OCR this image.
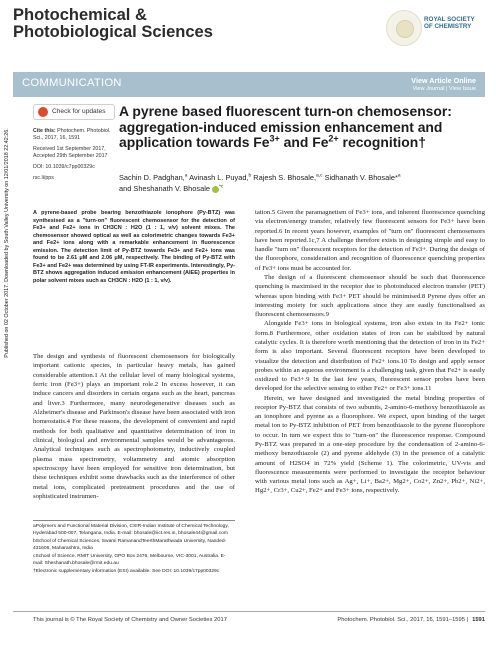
Published on 02 October 2017. Downloaded by South Valley University on 12/01/2018 22:42:26.
Photochemical &
Photobiological Sciences
ROYAL SOCIETY
OF CHEMISTRY
COMMUNICATION	View Article Online
View Journal | View Issue
Check for updates

Cite this: Photochem. Photobiol. Sci., 2017, 16, 1591

Received 1st September 2017,
Accepted 29th September 2017

DOI: 10.1039/c7pp00329c

rsc.li/pps

A pyrene based fluorescent turn-on chemosensor: aggregation-induced emission enhancement and application towards $Fe^{3+}$ and $Fe^{2+}$ recognition†
Sachin D. Padghan,$^a$ Avinash L. Puyad,$^b$ Rajesh S. Bhosale,$^{a,c}$ Sidhanath V. Bhosale*$^a$
and Sheshanath V. Bhosale $^{*c}$
A pyrene-based probe bearing benzothiazole ionophore (Py-BTZ) was synthesised as a "turn-on" fluorescent chemosensor for the detection of Fe3+ and Fe2+ ions in CH3CN : H2O (1 : 1, v/v) solvent mixes. The chemosensor showed optical as well as colorimetric changes towards Fe3+ and Fe2+ ions along with a remarkable enhancement in fluorescence emission. The detection limit of Py-BTZ towards Fe3+ and Fe2+ ions was found to be 2.61 μM and 2.06 μM, respectively. The binding of Py-BTZ with Fe3+ and Fe2+ was determined by using FT-IR experiments. Interestingly, Py-BTZ shows aggregation induced emission enhancement (AIEE) properties in polar solvent mixes such as CH3CN : H2O (1 : 1, v/v).

The design and synthesis of fluorescent chemosensors for biologically important cationic species, in particular heavy metals, has gained considerable attention.1 At the cellular level of many biological systems, ferric iron (Fe3+) plays an important role.2 In excess however, it can induce cancers and disorders in certain organs such as the heart, pancreas and liver.3 Furthermore, many neurodegenerative diseases such as Alzheimer's disease and Parkinson's disease have been associated with iron homeostatis.4 For these reasons, the development of convenient and rapid methods for both qualitative and quantitative determination of iron in clinical, biological and environmental samples would be advantageous. Analytical techniques such as spectrophotometry, inductively coupled plasma mass spectrometry, voltammetry and atomic absorption spectroscopy have been employed for sensitive iron determination, but these techniques exhibit some drawbacks such as the interference of other metal ions, complicated pretreatment procedures and the use of sophisticated instrumen-

tation.5 Given the paramagnetism of Fe3+ ions, and inherent fluorescence quenching via electron/energy transfer, relatively few fluorescent sensors for Fe3+ have been reported.6 In recent years however, examples of "turn on" fluorescent chemosensors have been reported.1c,7 A challenge therefore exists in designing simple and easy to handle "turn on" fluorescent receptors for the detection of Fe3+. During the design of the fluorophore, consideration and recognition of fluorescence quenching properties of Fe3+ ions must be accounted for.

The design of a fluorescent chemosensor should be such that fluorescence quenching is maximised in the receptor due to photoinduced electron transfer (PET) whereas upon binding with Fe3+ PET should be minimised.8 Pyrene dyes offer an interesting moiety for such applications since they are easily functionalised as fluorescent chemosensors.9

Alongside Fe3+ ions in biological systems, iron also exists in its Fe2+ ionic form.8 Furthermore, other oxidation states of iron can be stabilized by natural catalytic cycles. It is therefore worth mentioning that the detection of iron in its Fe2+ form is also important. Several fluorescent receptors have been developed to visualize the detection and distribution of Fe2+ ions.10 To design and apply sensor probes within an aqueous environment is a challenging task, given that Fe2+ is easily oxidized to Fe3+.9 In the last few years, fluorescent sensor probes have been developed for the selective sensing to either Fe2+ or Fe3+ ions.11

Herein, we have designed and investigated the metal binding properties of receptor Py-BTZ that consists of two subunits, 2-amino-6-methoxy benzothiazole as an ionophore and pyrene as a fluorophore. We expect, upon binding of the target metal ion to Py-BTZ inhibition of PET from benzothiazole to the pyrene fluorophore to occur. In turn we expect this to "turn-on" the fluorescence response. Compound Py-BTZ was prepared in a one-step procedure by the condensation of 2-amino-6-methoxy benzothiazole (2) and pyrene aldehyde (3) in the presence of a catalytic amount of H2SO4 in 72% yield (Scheme 1). The colorimetric, UV-vis and fluorescence measurements were performed to investigate the receptor behaviour with various metal ions such as Ag+, Li+, Ba2+, Mg2+, Co2+, Zn2+, Pb2+, Ni2+, Hg2+, Cr3+, Cu2+, Fe2+ and Fe3+ ions, respectively.

aPolymers and Functional Material Division, CSIR-Indian Institute of Chemical Technology, Hyderabad 500-007, Telangana, India. E-mail: bhosale@iict.res.in, bhosale44@gmail.com

bSchool of Chemical Sciences, Swami RamanandTeerthMarathwada University, Nanded-431606, Maharashtra, India

cSchool of Science, RMIT University, GPO Box 2476, Melbourne, VIC-3001, Australia. E-mail: Sheshanath.bhosale@rmit.edu.au

†Electronic supplementary information (ESI) available. See DOI: 10.1039/c7pp00329c

This journal is © The Royal Society of Chemistry and Owner Societies 2017	Photochem. Photobiol. Sci., 2017, 16, 1591–1595 | 1591
